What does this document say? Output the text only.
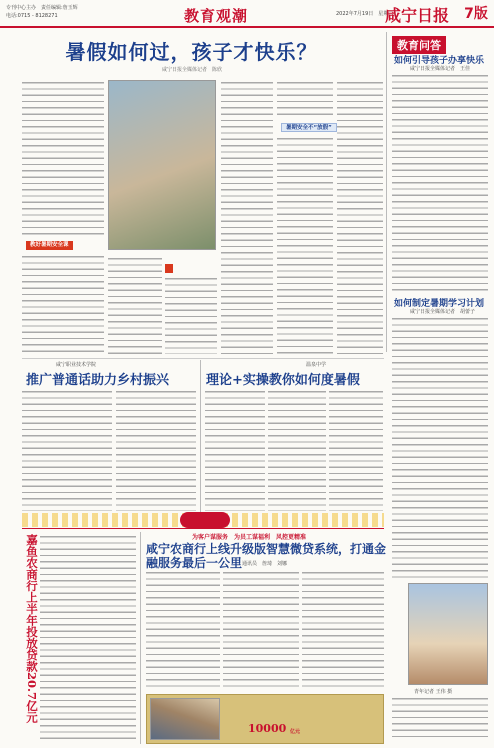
专刊中心主办　责任编辑:詹玉辉
电话:0715 - 8128271	教育观潮	2022年7月19日　星期二
咸宁日报 7版
暑假如何过，孩子才快乐？
咸宁日报全媒体记者　陈欣
教好暑期安全课
暑期安全不“放假”
教育问答
如何引导孩子办享快乐
咸宁日报全媒体记者　王佳
如何制定暑期学习计划
咸宁日报全媒体记者　胡蕾子
青年记者 王伟 摄
咸宁职业技术学院
推广普通话助力乡村振兴
温泉中学
理论+实操教你如何度暑假
嘉鱼农商行上半年投放贷款20.7亿元	为客户谋服务　为员工谋福利　风控更精准
咸宁农商行上线升级版智慧微贷系统，打通金融服务最后一公里 通讯员　詹琦　刘娜
10000 亿元
